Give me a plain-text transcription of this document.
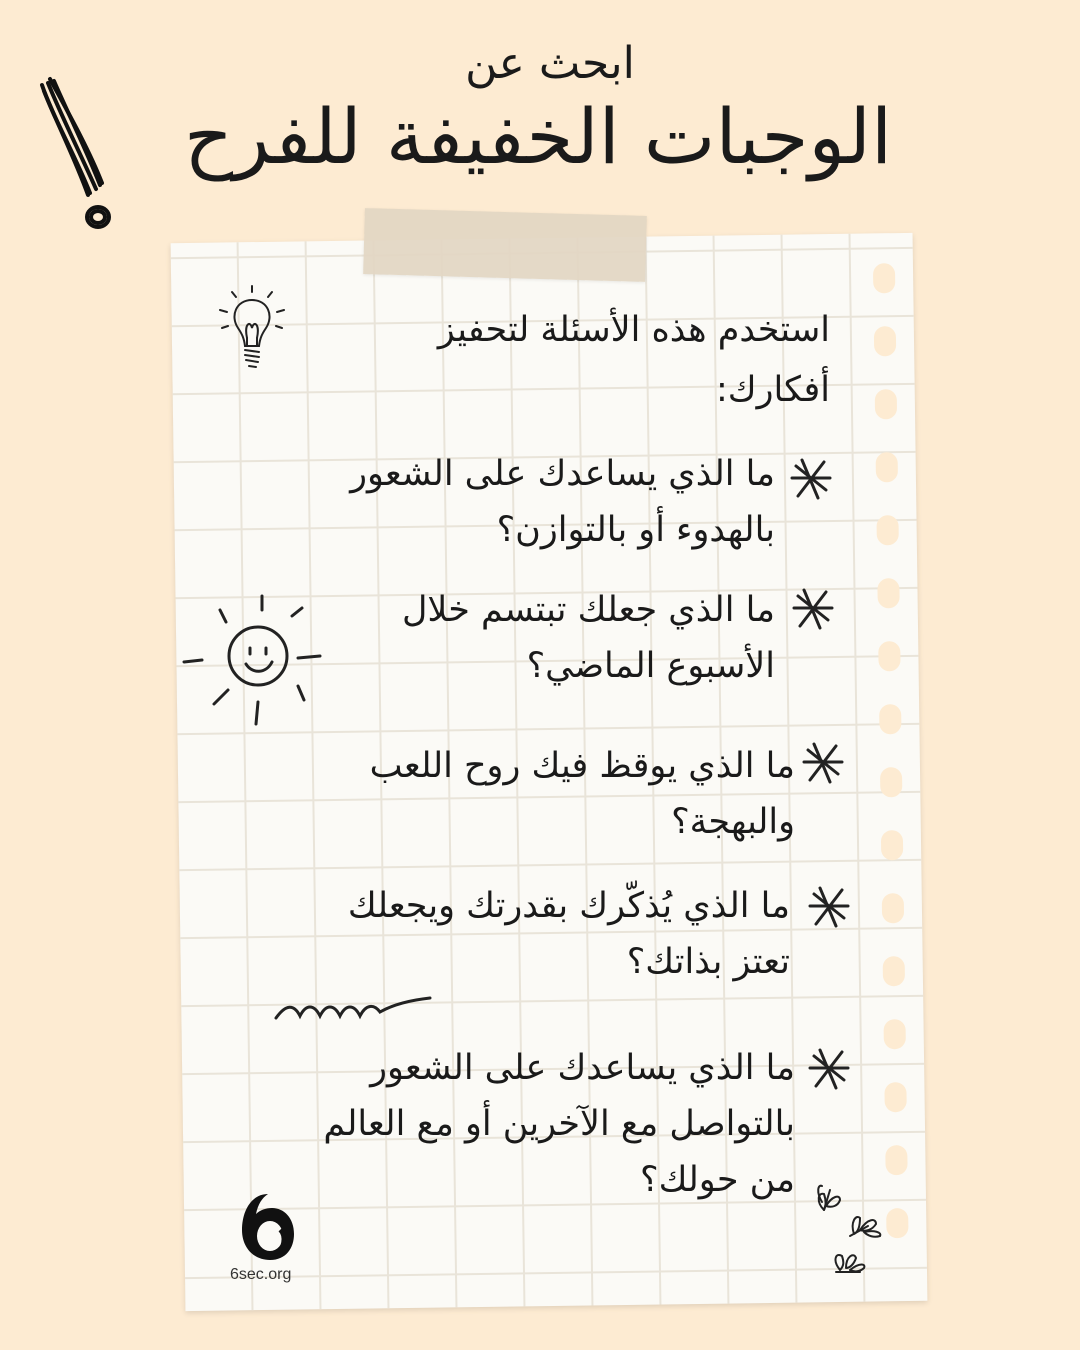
ابحث عن
الوجبات الخفيفة للفرح
استخدم هذه الأسئلة لتحفيز
أفكارك:
ما الذي يساعدك على الشعور
بالهدوء أو بالتوازن؟
ما الذي جعلك تبتسم خلال
الأسبوع الماضي؟
ما الذي يوقظ فيك روح اللعب
والبهجة؟
ما الذي يُذكّرك بقدرتك ويجعلك
تعتز بذاتك؟
ما الذي يساعدك على الشعور
بالتواصل مع الآخرين أو مع العالم
من حولك؟
6sec.org
